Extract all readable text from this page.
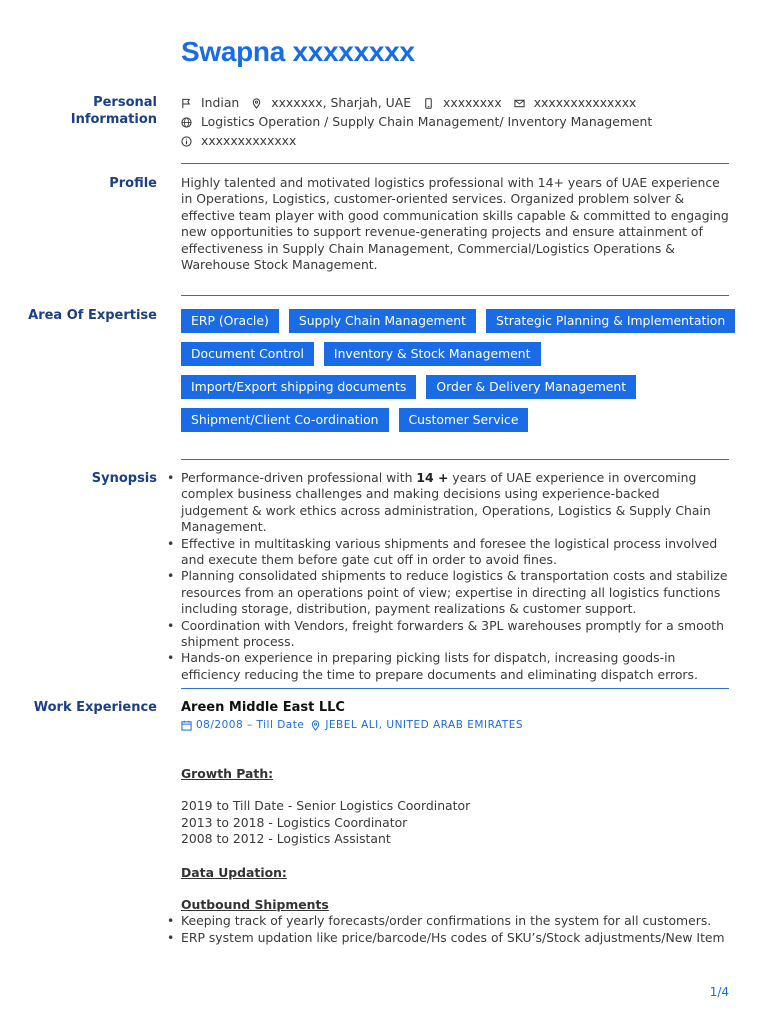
Swapna xxxxxxxx
Personal
Information
Indian	xxxxxxx, Sharjah, UAE	xxxxxxxx	xxxxxxxxxxxxxx
Logistics Operation / Supply Chain Management/ Inventory Management
xxxxxxxxxxxxx
Profile Highly talented and motivated logistics professional with 14+ years of UAE experience in Operations, Logistics, customer-oriented services. Organized problem solver & effective team player with good communication skills capable & committed to engaging new opportunities to support revenue-generating projects and ensure attainment of effectiveness in Supply Chain Management, Commercial/Logistics Operations & Warehouse Stock Management.
Area Of Expertise	ERP (Oracle)	Supply Chain Management	Strategic Planning & Implementation
Document Control	Inventory & Stock Management
Import/Export shipping documents	Order & Delivery Management
Shipment/Client Co-ordination	Customer Service
Synopsis
• Performance-driven professional with 14 + years of UAE experience in overcoming complex business challenges and making decisions using experience-backed judgement & work ethics across administration, Operations, Logistics & Supply Chain Management.
• Effective in multitasking various shipments and foresee the logistical process involved and execute them before gate cut off in order to avoid fines.
• Planning consolidated shipments to reduce logistics & transportation costs and stabilize resources from an operations point of view; expertise in directing all logistics functions including storage, distribution, payment realizations & customer support.
• Coordination with Vendors, freight forwarders & 3PL warehouses promptly for a smooth shipment process.
• Hands-on experience in preparing picking lists for dispatch, increasing goods-in efficiency reducing the time to prepare documents and eliminating dispatch errors.
Work Experience Areen Middle East LLC
08/2008 – Till Date JEBEL ALI, UNITED ARAB EMIRATES
Growth Path:
2019 to Till Date - Senior Logistics Coordinator
2013 to 2018 - Logistics Coordinator
2008 to 2012 - Logistics Assistant
Data Updation:
Outbound Shipments
• Keeping track of yearly forecasts/order confirmations in the system for all customers.
• ERP system updation like price/barcode/Hs codes of SKU’s/Stock adjustments/New Item
1/4
